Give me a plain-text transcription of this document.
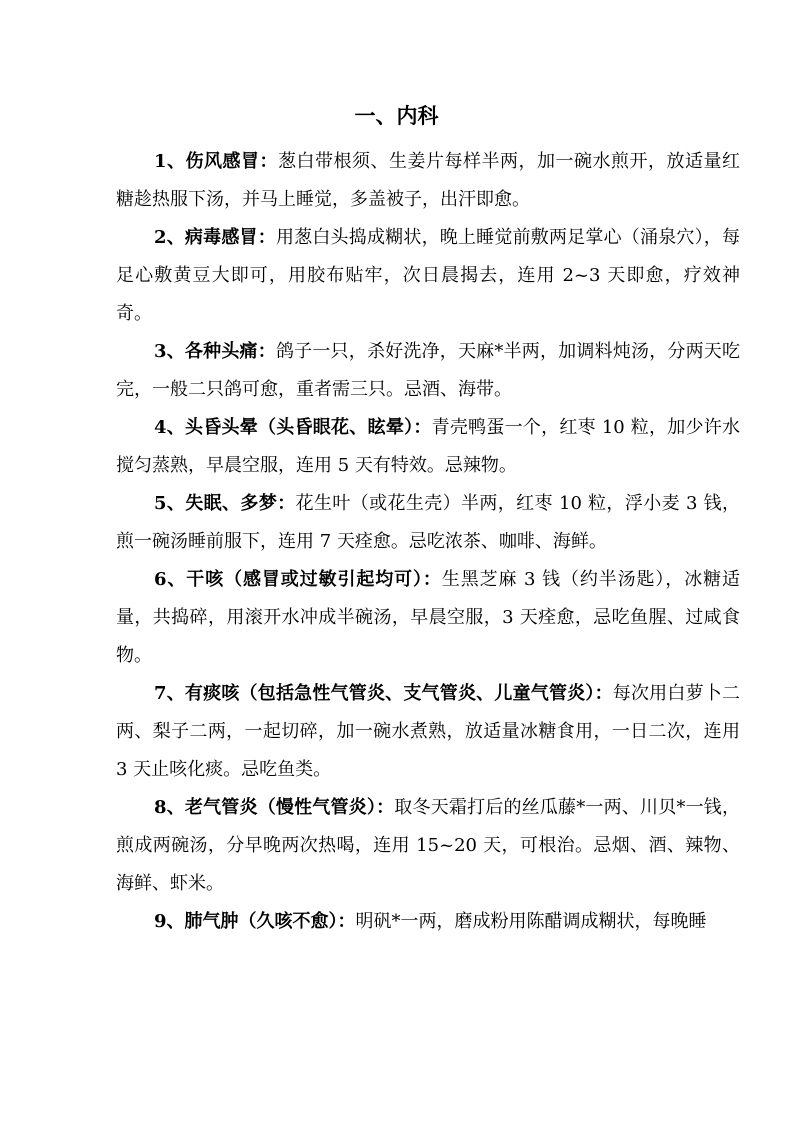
一、内科

1、伤风感冒：葱白带根须、生姜片每样半两，加一碗水煎开，放适量红糖趁热服下汤，并马上睡觉，多盖被子，出汗即愈。

2、病毒感冒：用葱白头捣成糊状，晚上睡觉前敷两足掌心（涌泉穴），每足心敷黄豆大即可，用胶布贴牢，次日晨揭去，连用 2~3 天即愈，疗效神奇。

3、各种头痛：鸽子一只，杀好洗净，天麻*半两，加调料炖汤，分两天吃完，一般二只鸽可愈，重者需三只。忌酒、海带。

4、头昏头晕（头昏眼花、眩晕）：青壳鸭蛋一个，红枣 10 粒，加少许水搅匀蒸熟，早晨空服，连用 5 天有特效。忌辣物。

5、失眠、多梦：花生叶（或花生壳）半两，红枣 10 粒，浮小麦 3 钱，煎一碗汤睡前服下，连用 7 天痊愈。忌吃浓茶、咖啡、海鲜。

6、干咳（感冒或过敏引起均可）：生黑芝麻 3 钱（约半汤匙），冰糖适量，共捣碎，用滚开水冲成半碗汤，早晨空服，3 天痊愈，忌吃鱼腥、过咸食物。

7、有痰咳（包括急性气管炎、支气管炎、儿童气管炎）：每次用白萝卜二两、梨子二两，一起切碎，加一碗水煮熟，放适量冰糖食用，一日二次，连用 3 天止咳化痰。忌吃鱼类。

8、老气管炎（慢性气管炎）：取冬天霜打后的丝瓜藤*一两、川贝*一钱，煎成两碗汤，分早晚两次热喝，连用 15~20 天，可根治。忌烟、酒、辣物、海鲜、虾米。

9、肺气肿（久咳不愈）：明矾*一两，磨成粉用陈醋调成糊状，每晚睡
